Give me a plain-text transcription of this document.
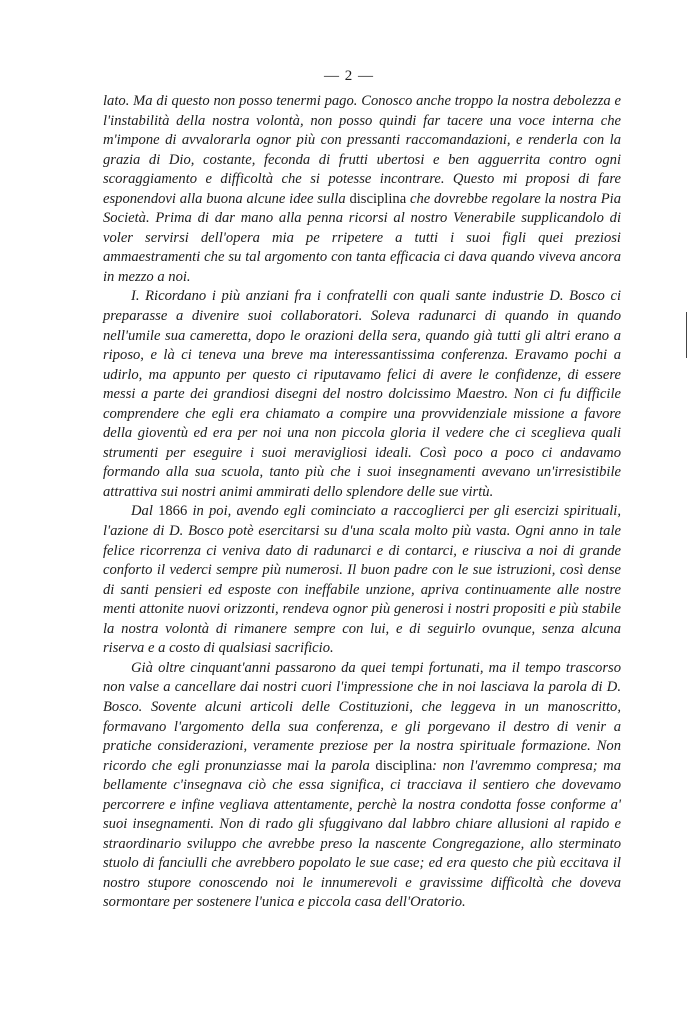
— 2 —

lato. Ma di questo non posso tenermi pago. Conosco anche troppo la nostra debolezza e l'instabilità della nostra volontà, non posso quindi far tacere una voce interna che m'impone di avvalorarla ognor più con pressanti raccomandazioni, e renderla con la grazia di Dio, costante, feconda di frutti ubertosi e ben agguerrita contro ogni scoraggiamento e difficoltà che si potesse incontrare. Questo mi proposi di fare esponendovi alla buona alcune idee sulla disciplina che dovrebbe regolare la nostra Pia Società. Prima di dar mano alla penna ricorsi al nostro Venerabile supplicandolo di voler servirsi dell'opera mia pe rripetere a tutti i suoi figli quei preziosi ammaestramenti che su tal argomento con tanta efficacia ci dava quando viveva ancora in mezzo a noi.

I. Ricordano i più anziani fra i confratelli con quali sante industrie D. Bosco ci preparasse a divenire suoi collaboratori. Soleva radunarci di quando in quando nell'umile sua cameretta, dopo le orazioni della sera, quando già tutti gli altri erano a riposo, e là ci teneva una breve ma interessantissima conferenza. Eravamo pochi a udirlo, ma appunto per questo ci riputavamo felici di avere le confidenze, di essere messi a parte dei grandiosi disegni del nostro dolcissimo Maestro. Non ci fu difficile comprendere che egli era chiamato a compire una provvidenziale missione a favore della gioventù ed era per noi una non piccola gloria il vedere che ci sceglieva quali strumenti per eseguire i suoi meravigliosi ideali. Così poco a poco ci andavamo formando alla sua scuola, tanto più che i suoi insegnamenti avevano un'irresistibile attrattiva sui nostri animi ammirati dello splendore delle sue virtù.

Dal 1866 in poi, avendo egli cominciato a raccoglierci per gli esercizi spirituali, l'azione di D. Bosco potè esercitarsi su d'una scala molto più vasta. Ogni anno in tale felice ricorrenza ci veniva dato di radunarci e di contarci, e riusciva a noi di grande conforto il vederci sempre più numerosi. Il buon padre con le sue istruzioni, così dense di santi pensieri ed esposte con ineffabile unzione, apriva continuamente alle nostre menti attonite nuovi orizzonti, rendeva ognor più generosi i nostri propositi e più stabile la nostra volontà di rimanere sempre con lui, e di seguirlo ovunque, senza alcuna riserva e a costo di qualsiasi sacrificio.

Già oltre cinquant'anni passarono da quei tempi fortunati, ma il tempo trascorso non valse a cancellare dai nostri cuori l'impressione che in noi lasciava la parola di D. Bosco. Sovente alcuni articoli delle Costituzioni, che leggeva in un manoscritto, formavano l'argomento della sua conferenza, e gli porgevano il destro di venir a pratiche considerazioni, veramente preziose per la nostra spirituale formazione. Non ricordo che egli pronunziasse mai la parola disciplina: non l'avremmo compresa; ma bellamente c'insegnava ciò che essa significa, ci tracciava il sentiero che dovevamo percorrere e infine vegliava attentamente, perchè la nostra condotta fosse conforme a' suoi insegnamenti. Non di rado gli sfuggivano dal labbro chiare allusioni al rapido e straordinario sviluppo che avrebbe preso la nascente Congregazione, allo sterminato stuolo di fanciulli che avrebbero popolato le sue case; ed era questo che più eccitava il nostro stupore conoscendo noi le innumerevoli e gravissime difficoltà che doveva sormontare per sostenere l'unica e piccola casa dell'Oratorio.
